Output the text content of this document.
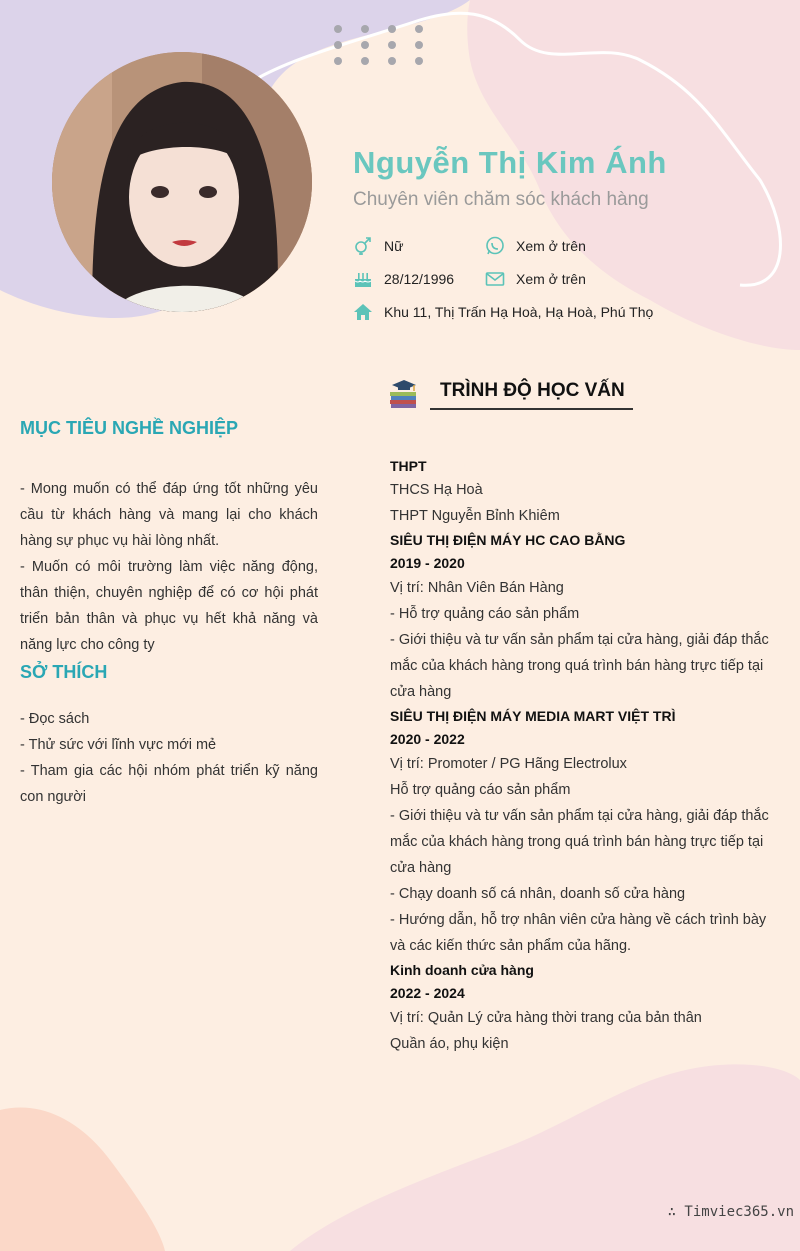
Nguyễn Thị Kim Ánh
Chuyên viên chăm sóc khách hàng
Nữ	Xem ở trên
28/12/1996	Xem ở trên
Khu 11, Thị Trấn Hạ Hoà, Hạ Hoà, Phú Thọ
MỤC TIÊU NGHỀ NGHIỆP

- Mong muốn có thể đáp ứng tốt những yêu cầu từ khách hàng và mang lại cho khách hàng sự phục vụ hài lòng nhất.

- Muốn có môi trường làm việc năng động, thân thiện, chuyên nghiệp để có cơ hội phát triển bản thân và phục vụ hết khả năng và năng lực cho công ty

SỞ THÍCH

- Đọc sách

- Thử sức với lĩnh vực mới mẻ

- Tham gia các hội nhóm phát triển kỹ năng con người

TRÌNH ĐỘ HỌC VẤN
THPT
THCS Hạ Hoà
THPT Nguyễn Bỉnh Khiêm
SIÊU THỊ ĐIỆN MÁY HC CAO BẰNG
2019 - 2020
Vị trí: Nhân Viên Bán Hàng
- Hỗ trợ quảng cáo sản phẩm
- Giới thiệu và tư vấn sản phẩm tại cửa hàng, giải đáp thắc mắc của khách hàng trong quá trình bán hàng trực tiếp tại cửa hàng
SIÊU THỊ ĐIỆN MÁY MEDIA MART VIỆT TRÌ
2020 - 2022
Vị trí: Promoter / PG Hãng Electrolux
Hỗ trợ quảng cáo sản phẩm
- Giới thiệu và tư vấn sản phẩm tại cửa hàng, giải đáp thắc mắc của khách hàng trong quá trình bán hàng trực tiếp tại cửa hàng
- Chạy doanh số cá nhân, doanh số cửa hàng
- Hướng dẫn, hỗ trợ nhân viên cửa hàng về cách trình bày và các kiến thức sản phẩm của hãng.
Kinh doanh cửa hàng
2022 - 2024
Vị trí: Quản Lý cửa hàng thời trang của bản thân
Quần áo, phụ kiện
∴ Timviec365.vn
